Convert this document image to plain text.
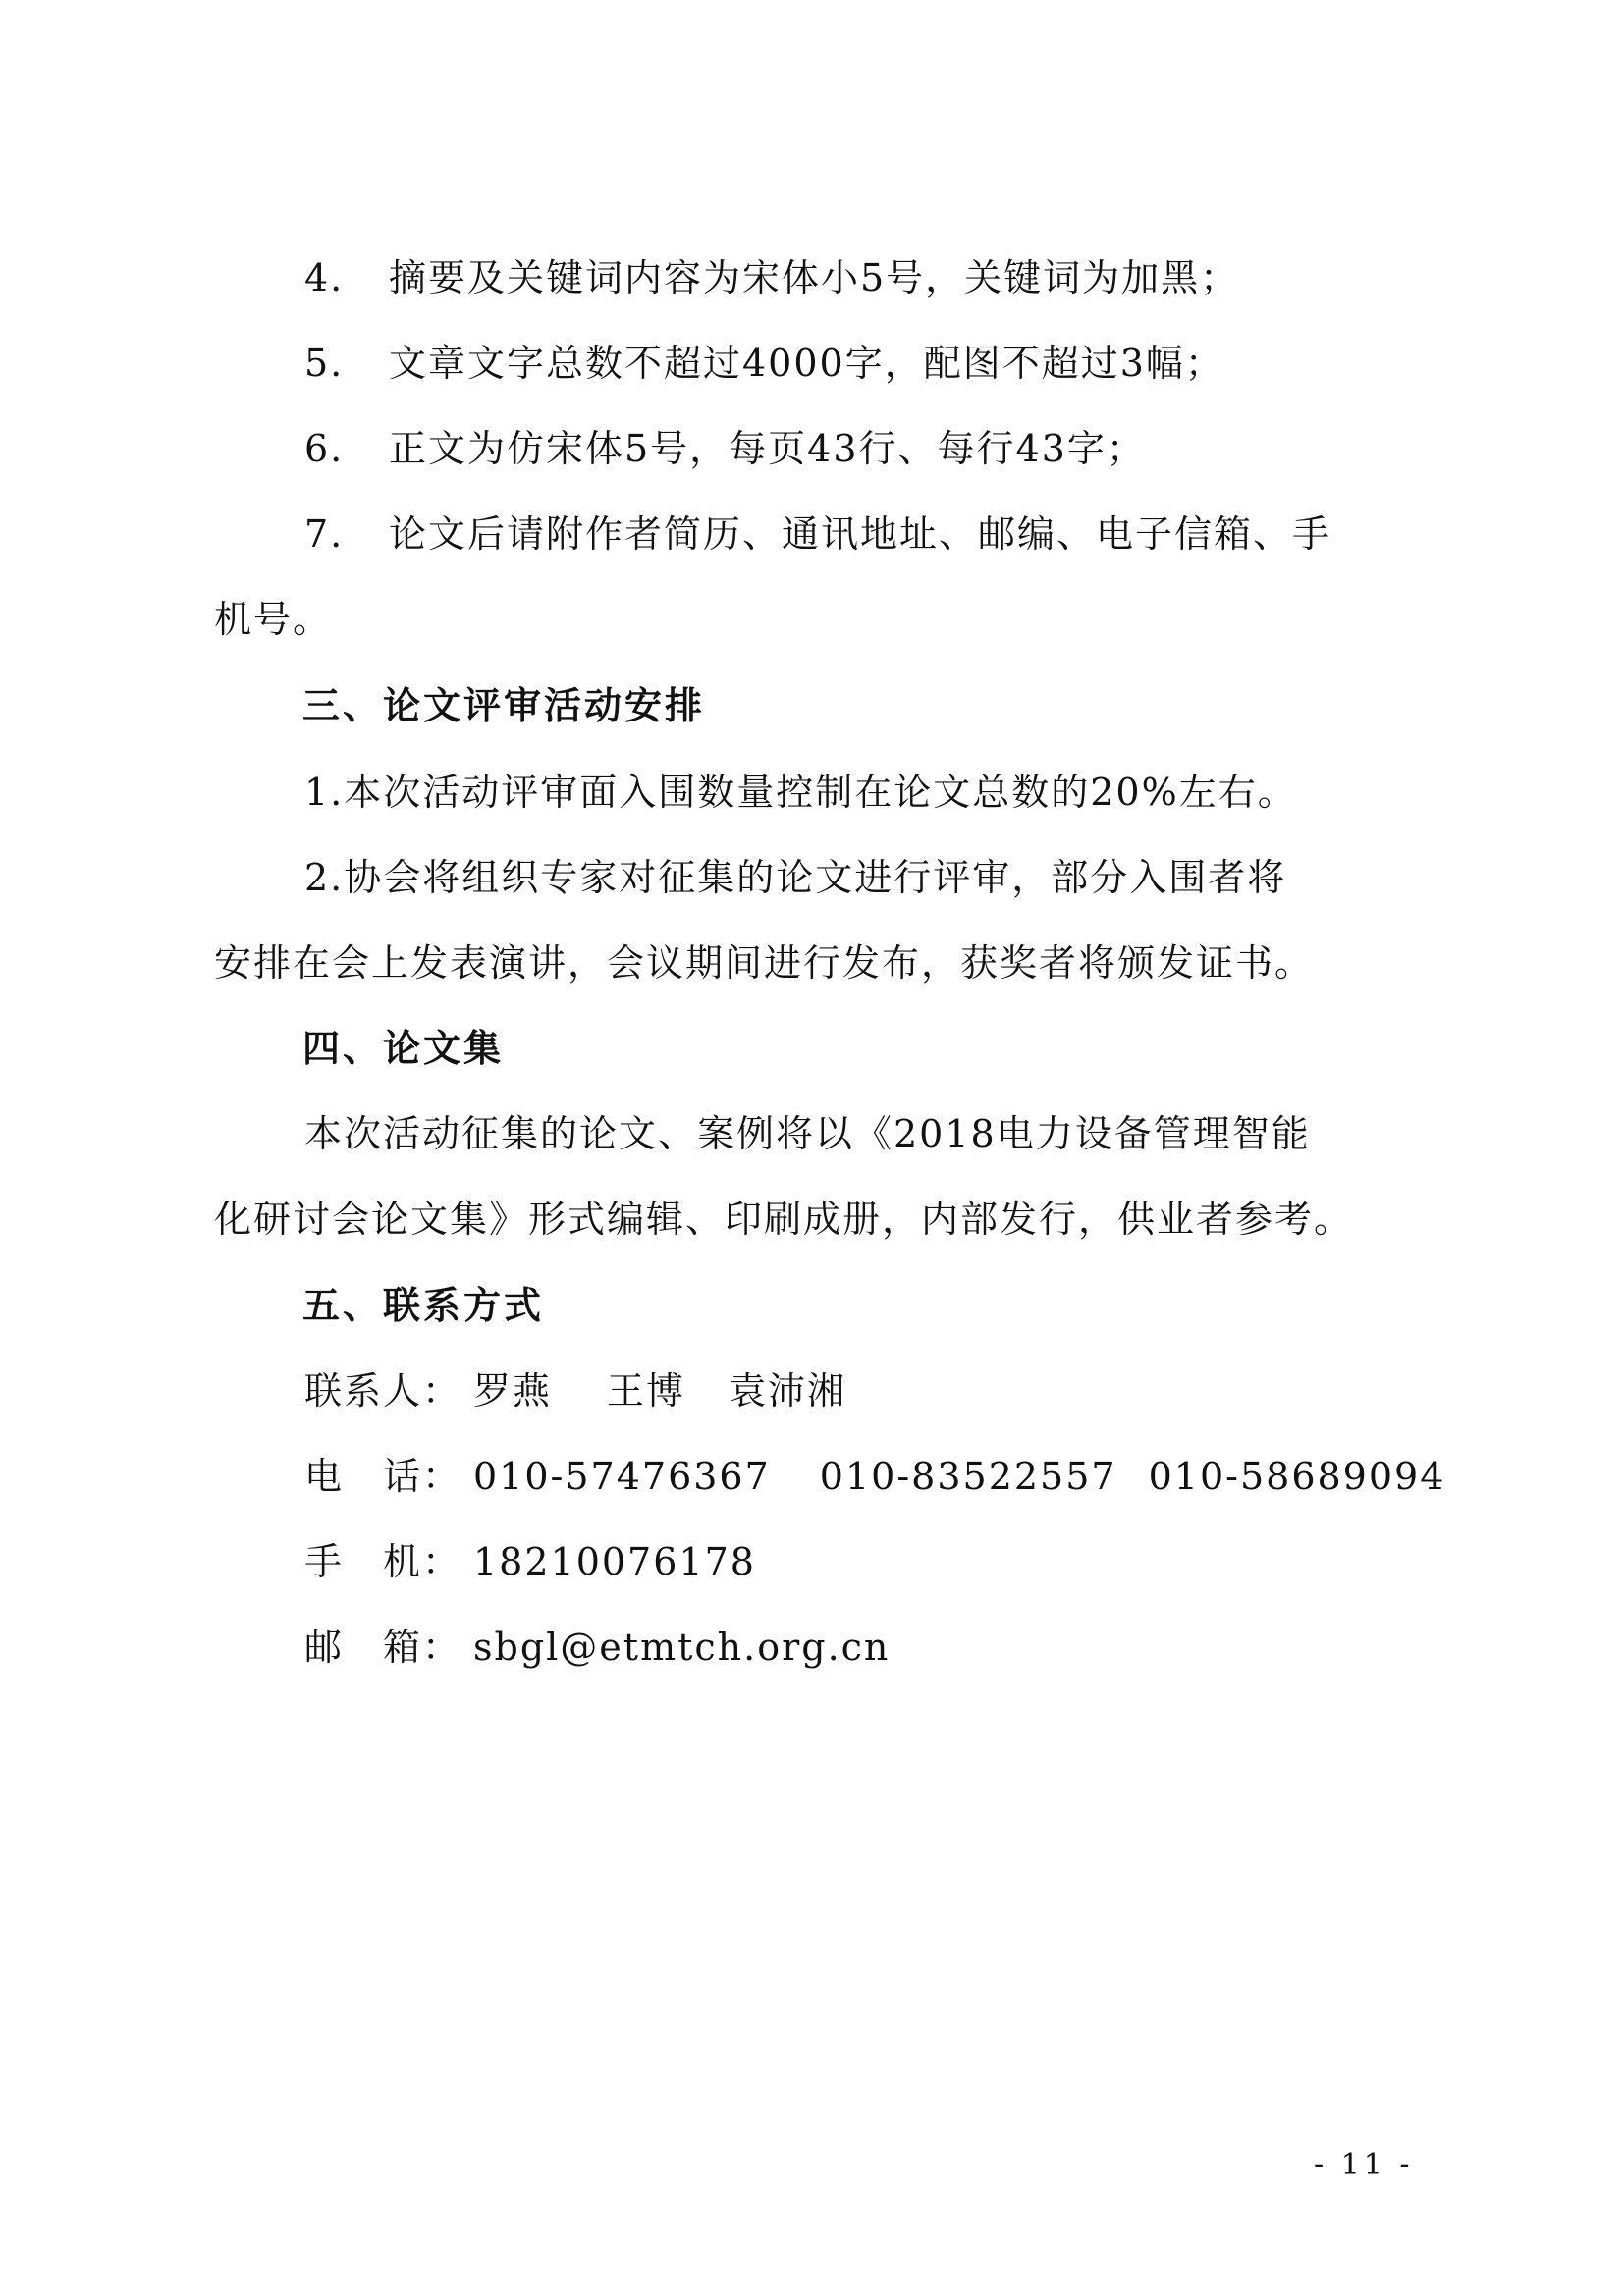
4. 摘要及关键词内容为宋体小5号，关键词为加黑；
5. 文章文字总数不超过4000字，配图不超过3幅；
6. 正文为仿宋体5号，每页43行、每行43字；
7. 论文后请附作者简历、通讯地址、邮编、电子信箱、手
机号。
三、论文评审活动安排
1.本次活动评审面入围数量控制在论文总数的20%左右。
2.协会将组织专家对征集的论文进行评审，部分入围者将
安排在会上发表演讲，会议期间进行发布，获奖者将颁发证书。
四、论文集
本次活动征集的论文、案例将以《2018电力设备管理智能
化研讨会论文集》形式编辑、印刷成册，内部发行，供业者参考。
五、联系方式
联系人： 罗燕 王博 袁沛湘
电　话： 010-57476367 010-83522557 010-58689094
手　机： 18210076178
邮　箱： sbgl@etmtch.org.cn
- 11 -
